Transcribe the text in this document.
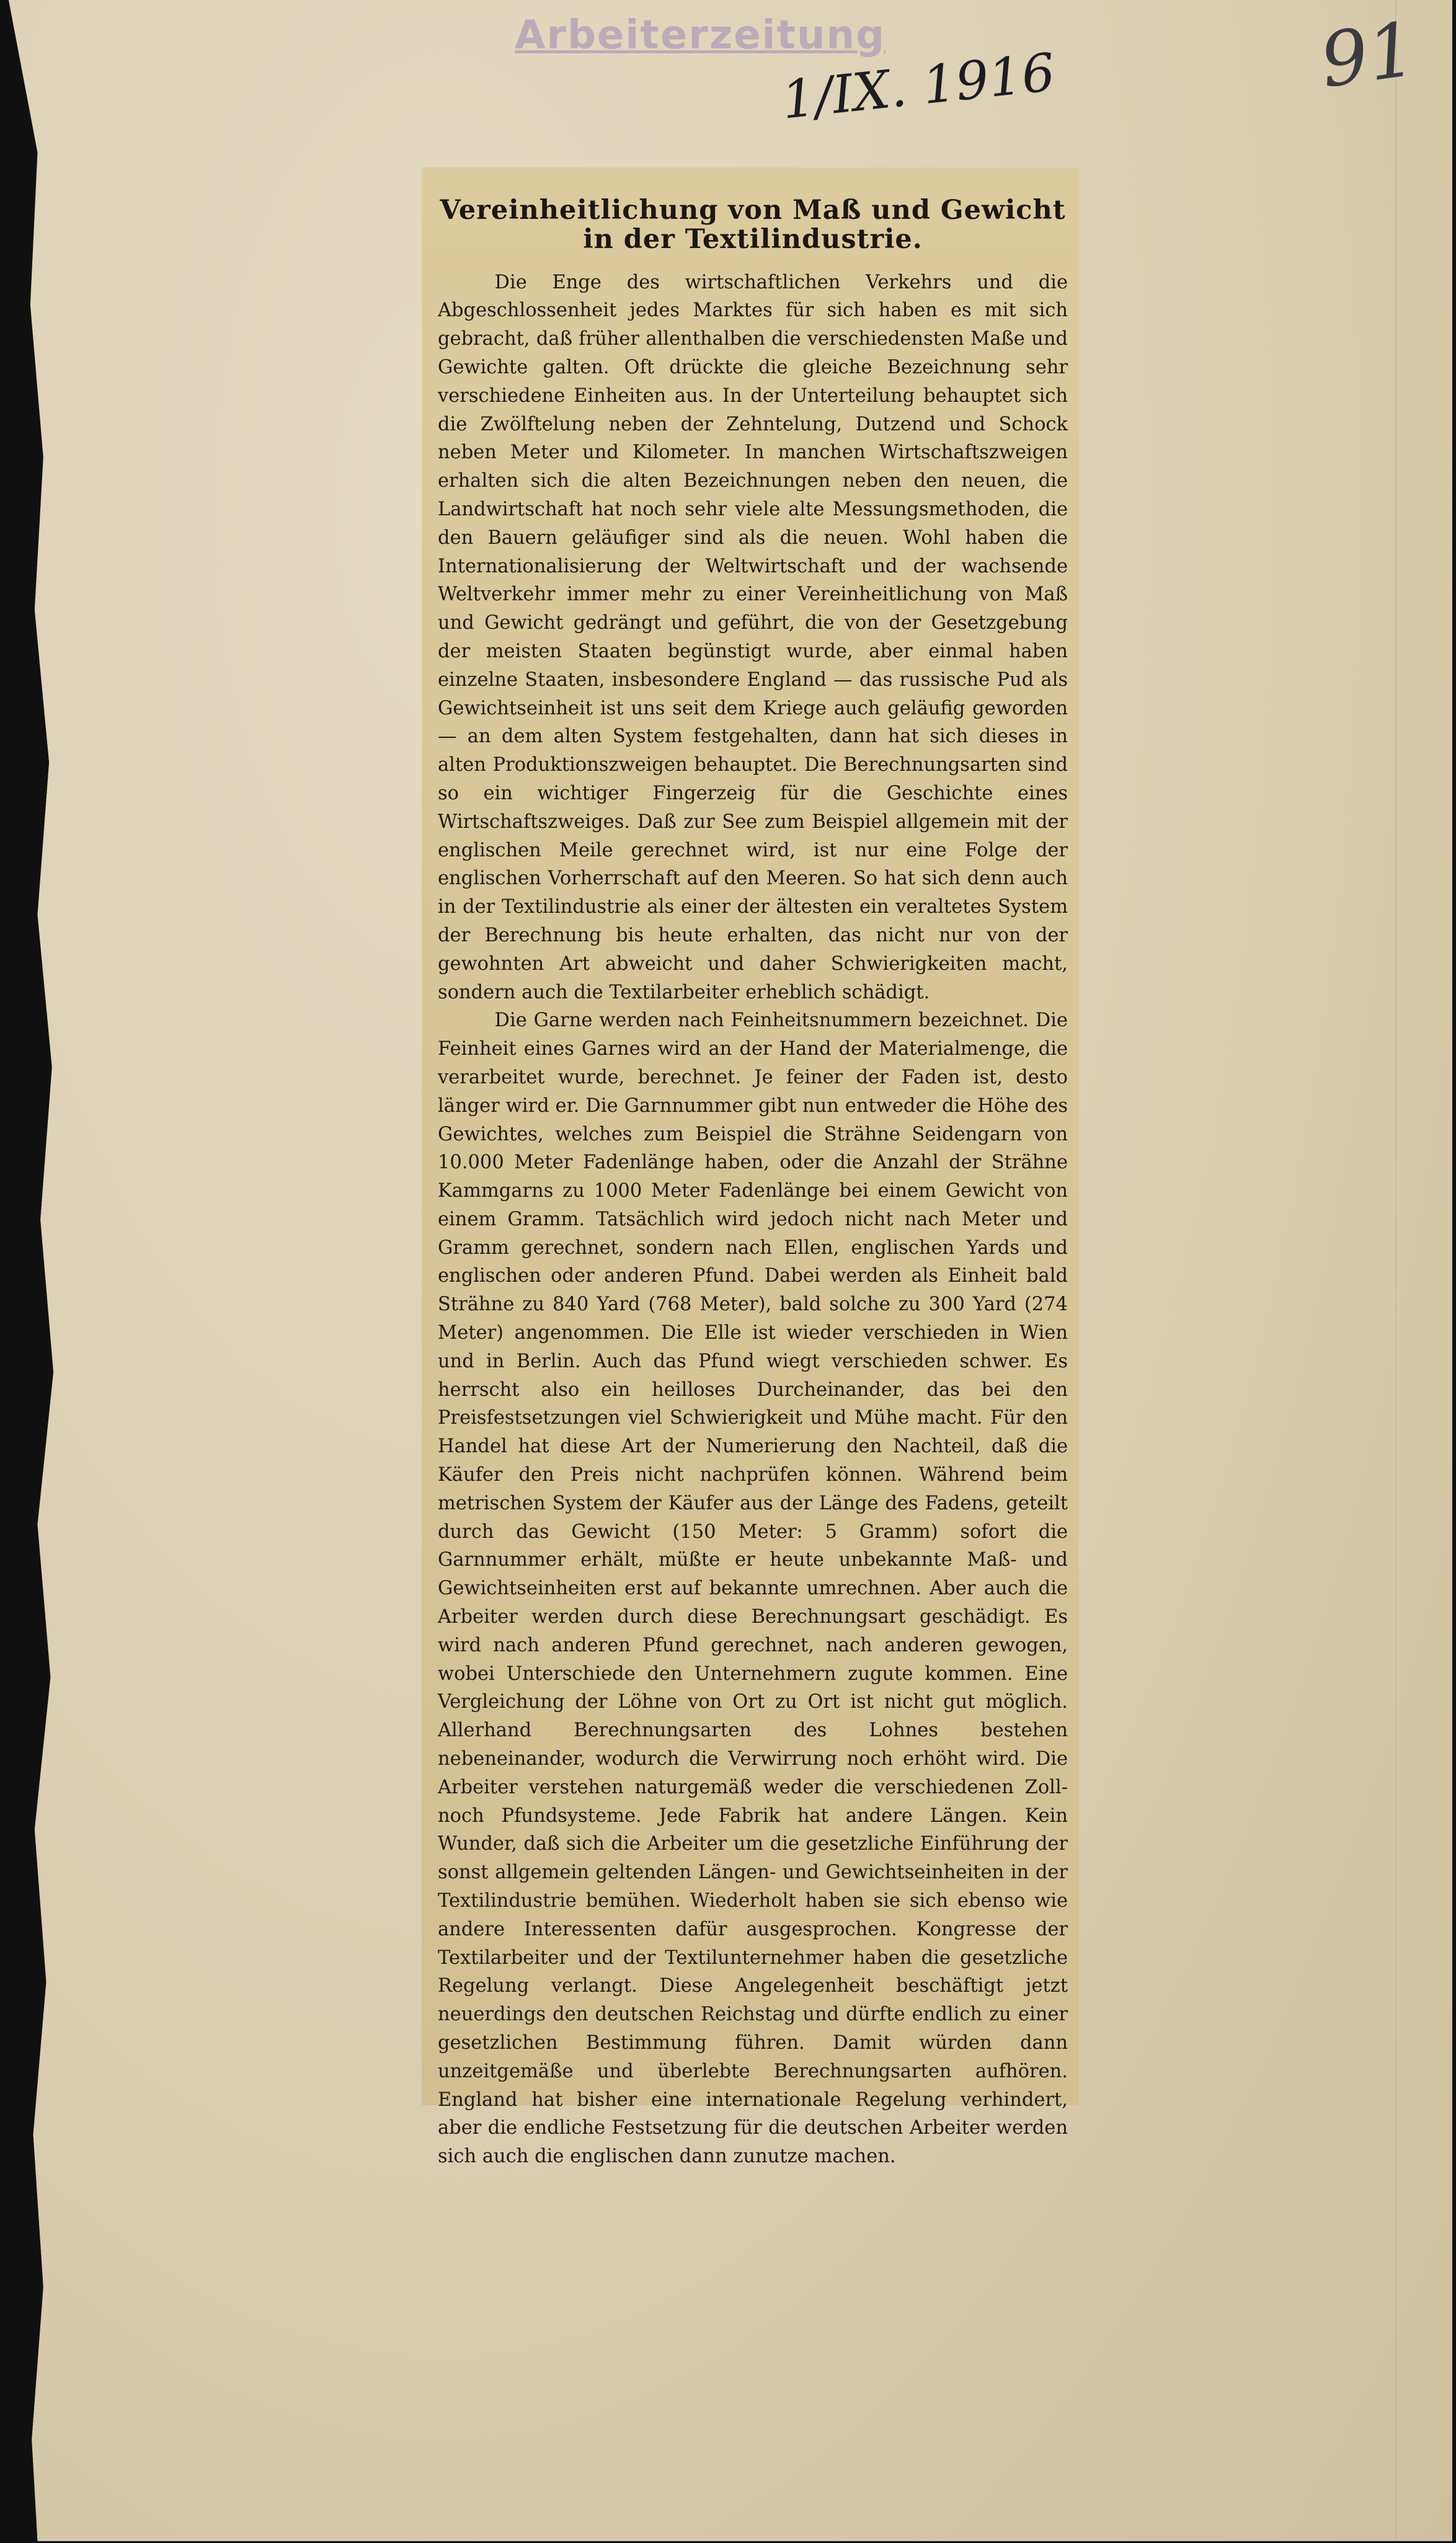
Arbeiterzeitung
1/IX. 1916	91
Vereinheitlichung von Maß und Gewicht in der Textilindustrie.

Die Enge des wirtschaftlichen Verkehrs und die Abgeschlossenheit jedes Marktes für sich haben es mit sich gebracht, daß früher allenthalben die verschiedensten Maße und Gewichte galten. Oft drückte die gleiche Bezeichnung sehr verschiedene Einheiten aus. In der Unterteilung behauptet sich die Zwölftelung neben der Zehntelung, Dutzend und Schock neben Meter und Kilometer. In manchen Wirtschaftszweigen erhalten sich die alten Bezeichnungen neben den neuen, die Landwirtschaft hat noch sehr viele alte Messungsmethoden, die den Bauern geläufiger sind als die neuen. Wohl haben die Internationalisierung der Weltwirtschaft und der wachsende Weltverkehr immer mehr zu einer Vereinheitlichung von Maß und Gewicht gedrängt und geführt, die von der Gesetzgebung der meisten Staaten begünstigt wurde, aber einmal haben einzelne Staaten, insbesondere England — das russische Pud als Gewichtseinheit ist uns seit dem Kriege auch geläufig geworden — an dem alten System festgehalten, dann hat sich dieses in alten Produktionszweigen behauptet. Die Berechnungsarten sind so ein wichtiger Fingerzeig für die Geschichte eines Wirtschaftszweiges. Daß zur See zum Beispiel allgemein mit der englischen Meile gerechnet wird, ist nur eine Folge der englischen Vorherrschaft auf den Meeren. So hat sich denn auch in der Textilindustrie als einer der ältesten ein veraltetes System der Berechnung bis heute erhalten, das nicht nur von der gewohnten Art abweicht und daher Schwierigkeiten macht, sondern auch die Textilarbeiter erheblich schädigt.

Die Garne werden nach Feinheitsnummern bezeichnet. Die Feinheit eines Garnes wird an der Hand der Materialmenge, die verarbeitet wurde, berechnet. Je feiner der Faden ist, desto länger wird er. Die Garnnummer gibt nun entweder die Höhe des Gewichtes, welches zum Beispiel die Strähne Seidengarn von 10.000 Meter Fadenlänge haben, oder die Anzahl der Strähne Kammgarns zu 1000 Meter Fadenlänge bei einem Gewicht von einem Gramm. Tatsächlich wird jedoch nicht nach Meter und Gramm gerechnet, sondern nach Ellen, englischen Yards und englischen oder anderen Pfund. Dabei werden als Einheit bald Strähne zu 840 Yard (768 Meter), bald solche zu 300 Yard (274 Meter) angenommen. Die Elle ist wieder verschieden in Wien und in Berlin. Auch das Pfund wiegt verschieden schwer. Es herrscht also ein heilloses Durcheinander, das bei den Preisfestsetzungen viel Schwierigkeit und Mühe macht. Für den Handel hat diese Art der Numerierung den Nachteil, daß die Käufer den Preis nicht nachprüfen können. Während beim metrischen System der Käufer aus der Länge des Fadens, geteilt durch das Gewicht (150 Meter: 5 Gramm) sofort die Garnnummer erhält, müßte er heute unbekannte Maß- und Gewichtseinheiten erst auf bekannte umrechnen. Aber auch die Arbeiter werden durch diese Berechnungsart geschädigt. Es wird nach anderen Pfund gerechnet, nach anderen gewogen, wobei Unterschiede den Unternehmern zugute kommen. Eine Vergleichung der Löhne von Ort zu Ort ist nicht gut möglich. Allerhand Berechnungsarten des Lohnes bestehen nebeneinander, wodurch die Verwirrung noch erhöht wird. Die Arbeiter verstehen naturgemäß weder die verschiedenen Zoll- noch Pfundsysteme. Jede Fabrik hat andere Längen. Kein Wunder, daß sich die Arbeiter um die gesetzliche Einführung der sonst allgemein geltenden Längen- und Gewichtseinheiten in der Textilindustrie bemühen. Wiederholt haben sie sich ebenso wie andere Interessenten dafür ausgesprochen. Kongresse der Textilarbeiter und der Textilunternehmer haben die gesetzliche Regelung verlangt. Diese Angelegenheit beschäftigt jetzt neuerdings den deutschen Reichstag und dürfte endlich zu einer gesetzlichen Bestimmung führen. Damit würden dann unzeitgemäße und überlebte Berechnungsarten aufhören. England hat bisher eine internationale Regelung verhindert, aber die endliche Festsetzung für die deutschen Arbeiter werden sich auch die englischen dann zunutze machen.
